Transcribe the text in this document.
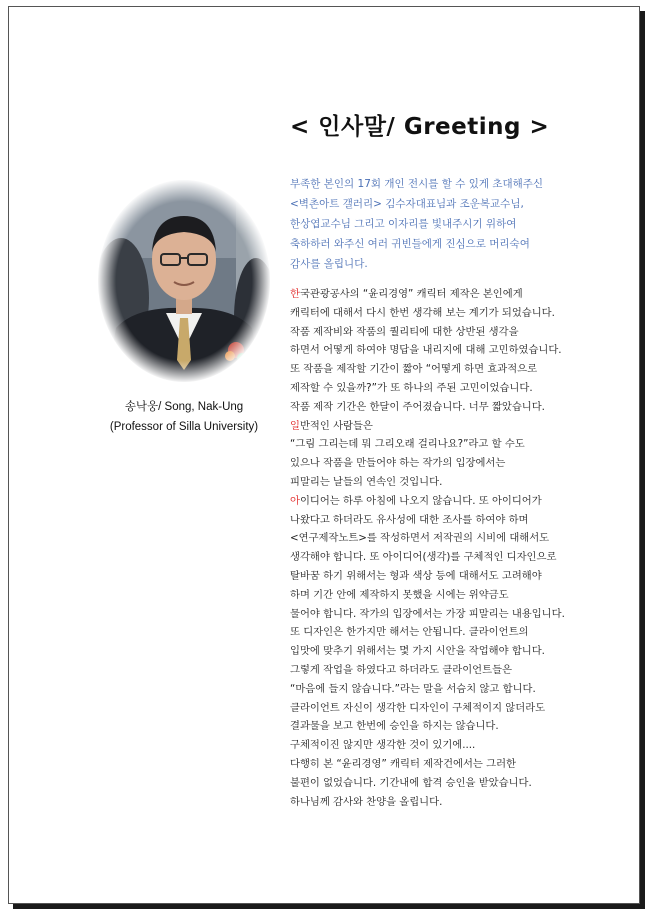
< 인사말/ Greeting >
송낙웅/ Song, Nak-Ung
(Professor of Silla University)
부족한 본인의 17회 개인 전시를 할 수 있게 초대해주신
<벽촌아트 갤러리> 김수자대표님과 조운복교수님,
한상엽교수님 그리고 이자리를 빛내주시기 위하여
축하하러 와주신 여러 귀빈들에게 진심으로 머리숙여
감사를 올립니다.
한국관광공사의 “윤리경영” 캐릭터 제작은 본인에게
캐릭터에 대해서 다시 한번 생각해 보는 계기가 되었습니다.
작품 제작비와 작품의 퀄리티에 대한 상반된 생각을
하면서 어떻게 하여야 명답을 내리지에 대해 고민하였습니다.
또 작품을 제작할 기간이 짧아 “어떻게 하면 효과적으로
제작할 수 있을까?”가 또 하나의 주된 고민이었습니다.
작품 제작 기간은 한달이 주어졌습니다. 너무 짧았습니다.
일반적인 사람들은
“그림 그리는데 뭐 그리오래 걸리나요?”라고 할 수도
있으나 작품을 만들어야 하는 작가의 입장에서는
피말리는 날들의 연속인 것입니다.
아이디어는 하루 아침에 나오지 않습니다. 또 아이디어가
나왔다고 하더라도 유사성에 대한 조사를 하여야 하며
<연구제작노트>를 작성하면서 저작권의 시비에 대해서도
생각해야 합니다. 또 아이디어(생각)를 구체적인 디자인으로
탈바꿈 하기 위해서는 형과 색상 등에 대해서도 고려해야
하며 기간 안에 제작하지 못했을 시에는 위약금도
물어야 합니다. 작가의 입장에서는 가장 피말리는 내용입니다.
또 디자인은 한가지만 해서는 안됩니다. 클라이언트의
입맛에 맞추기 위해서는 몇 가지 시안을 작업해야 합니다.
그렇게 작업을 하였다고 하더라도 클라이언트들은
“마음에 들지 않습니다.”라는 말을 서슴치 않고 합니다.
클라이언트 자신이 생각한 디자인이 구체적이지 않더라도
결과물을 보고 한번에 승인을 하지는 않습니다.
구체적이진 않지만 생각한 것이 있기에....
다행히 본 “윤리경영” 캐릭터 제작건에서는 그러한
불편이 없었습니다. 기간내에 합격 승인을 받았습니다.
하나님께 감사와 찬양을 올립니다.
